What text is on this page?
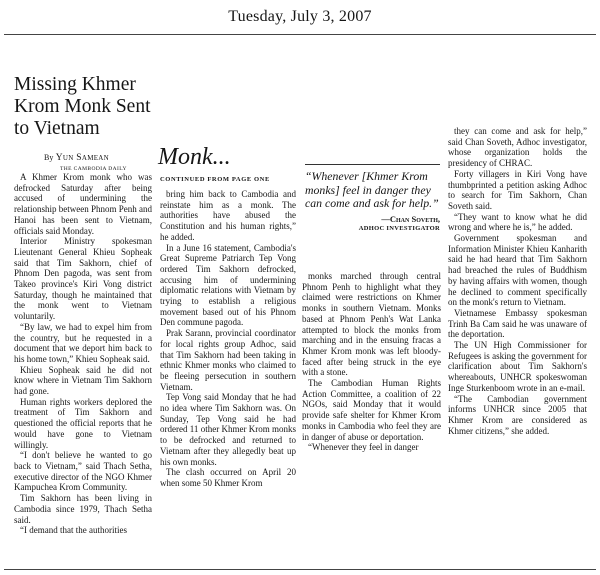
Tuesday, July 3, 2007
Missing Khmer Krom Monk Sent to Vietnam
By Yun Samean
THE CAMBODIA DAILY

A Khmer Krom monk who was defrocked Saturday after being accused of undermining the relationship between Phnom Penh and Hanoi has been sent to Vietnam, officials said Monday.

Interior Ministry spokesman Lieutenant General Khieu Sopheak said that Tim Sakhorn, chief of Phnom Den pagoda, was sent from Takeo province's Kiri Vong district Saturday, though he maintained that the monk went to Vietnam voluntarily.

“By law, we had to expel him from the country, but he requested in a document that we deport him back to his home town,” Khieu Sopheak said.

Khieu Sopheak said he did not know where in Vietnam Tim Sakhorn had gone.

Human rights workers deplored the treatment of Tim Sakhorn and questioned the official reports that he would have gone to Vietnam willingly.

“I don't believe he wanted to go back to Vietnam,” said Thach Setha, executive director of the NGO Khmer Kampuchea Krom Community.

Tim Sakhorn has been living in Cambodia since 1979, Thach Setha said.

“I demand that the authorities

Monk...
CONTINUED FROM PAGE ONE

bring him back to Cambodia and reinstate him as a monk. The authorities have abused the Constitution and his human rights,” he added.

In a June 16 statement, Cambodia's Great Supreme Patriarch Tep Vong ordered Tim Sakhorn defrocked, accusing him of undermining diplomatic relations with Vietnam by trying to establish a religious movement based out of his Phnom Den commune pagoda.

Prak Sarann, provincial coordinator for local rights group Adhoc, said that Tim Sakhorn had been taking in ethnic Khmer monks who claimed to be fleeing persecution in southern Vietnam.

Tep Vong said Monday that he had no idea where Tim Sakhorn was. On Sunday, Tep Vong said he had ordered 11 other Khmer Krom monks to be defrocked and returned to Vietnam after they allegedly beat up his own monks.

The clash occurred on April 20 when some 50 Khmer Krom

“Whenever [Khmer Krom monks] feel in danger they can come and ask for help.”

—Chan Soveth,
ADHOC INVESTIGATOR

monks marched through central Phnom Penh to highlight what they claimed were restrictions on Khmer monks in southern Vietnam. Monks based at Phnom Penh's Wat Lanka attempted to block the monks from marching and in the ensuing fracas a Khmer Krom monk was left bloody-faced after being struck in the eye with a stone.

The Cambodian Human Rights Action Committee, a coalition of 22 NGOs, said Monday that it would provide safe shelter for Khmer Krom monks in Cambodia who feel they are in danger of abuse or deportation.

“Whenever they feel in danger

they can come and ask for help,” said Chan Soveth, Adhoc investigator, whose organization holds the presidency of CHRAC.

Forty villagers in Kiri Vong have thumbprinted a petition asking Adhoc to search for Tim Sakhorn, Chan Soveth said.

“They want to know what he did wrong and where he is,” he added.

Government spokesman and Information Minister Khieu Kanharith said he had heard that Tim Sakhorn had breached the rules of Buddhism by having affairs with women, though he declined to comment specifically on the monk's return to Vietnam.

Vietnamese Embassy spokesman Trinh Ba Cam said he was unaware of the deportation.

The UN High Commissioner for Refugees is asking the government for clarification about Tim Sakhorn's whereabouts, UNHCR spokeswoman Inge Sturkenboom wrote in an e-mail.

“The Cambodian government informs UNHCR since 2005 that Khmer Krom are considered as Khmer citizens,” she added.
